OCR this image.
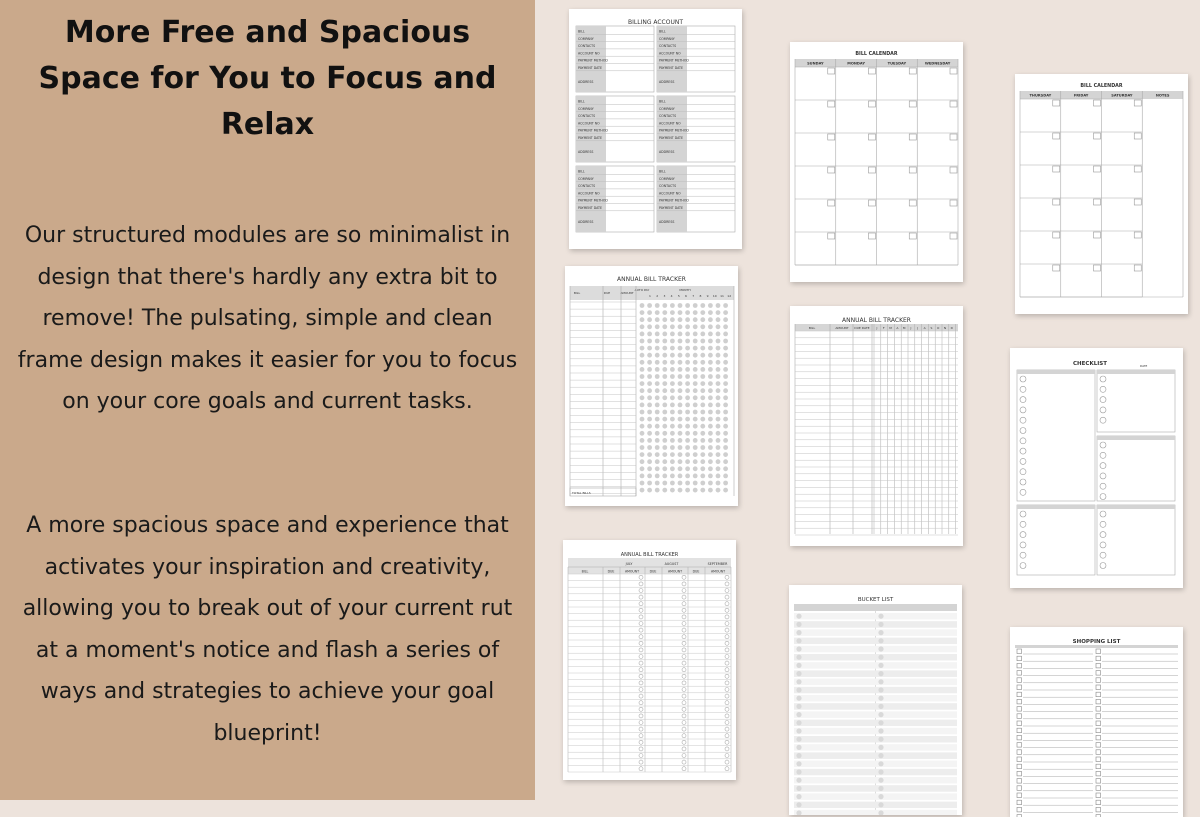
More Free and Spacious Space for You to Focus and Relax

Our structured modules are so minimalist in design that there's hardly any extra bit to remove! The pulsating, simple and clean frame design makes it easier for you to focus on your core goals and current tasks.

A more spacious space and experience that activates your inspiration and creativity, allowing you to break out of your current rut at a moment's notice and flash a series of ways and strategies to achieve your goal blueprint!

BILLING ACCOUNT
BILL
COMPANY
CONTACTS
ACCOUNT NO
PAYMENT METHOD
PAYMENT DATE
ADDRESS
BILL
COMPANY
CONTACTS
ACCOUNT NO
PAYMENT METHOD
PAYMENT DATE
ADDRESS
BILL
COMPANY
CONTACTS
ACCOUNT NO
PAYMENT METHOD
PAYMENT DATE
ADDRESS
BILL
COMPANY
CONTACTS
ACCOUNT NO
PAYMENT METHOD
PAYMENT DATE
ADDRESS
BILL
COMPANY
CONTACTS
ACCOUNT NO
PAYMENT METHOD
PAYMENT DATE
ADDRESS
BILL
COMPANY
CONTACTS
ACCOUNT NO
PAYMENT METHOD
PAYMENT DATE
ADDRESS
BILL CALENDAR
SUNDAY	MONDAY	TUESDAY	WEDNESDAY
BILL CALENDAR
THURSDAY	FRIDAY	SATURDAY	NOTES
ANNUAL BILL TRACKER
BILL	DUE	AMOUNT
AUTO PAY	MONTH
1 2 3 4 5 6 7 8 9 10 11 12
TOTAL BILLS
ANNUAL BILL TRACKER
BILL	AMOUNT DUE DATE	J F M A	M	J	J A	S O N D
CHECKLIST	DATE
ANNUAL BILL TRACKER
JULY	AUGUST	SEPTEMBER
BILL	DUE	AMOUNT	DUE	AMOUNT	DUE	AMOUNT
BUCKET LIST
SHOPPING LIST
